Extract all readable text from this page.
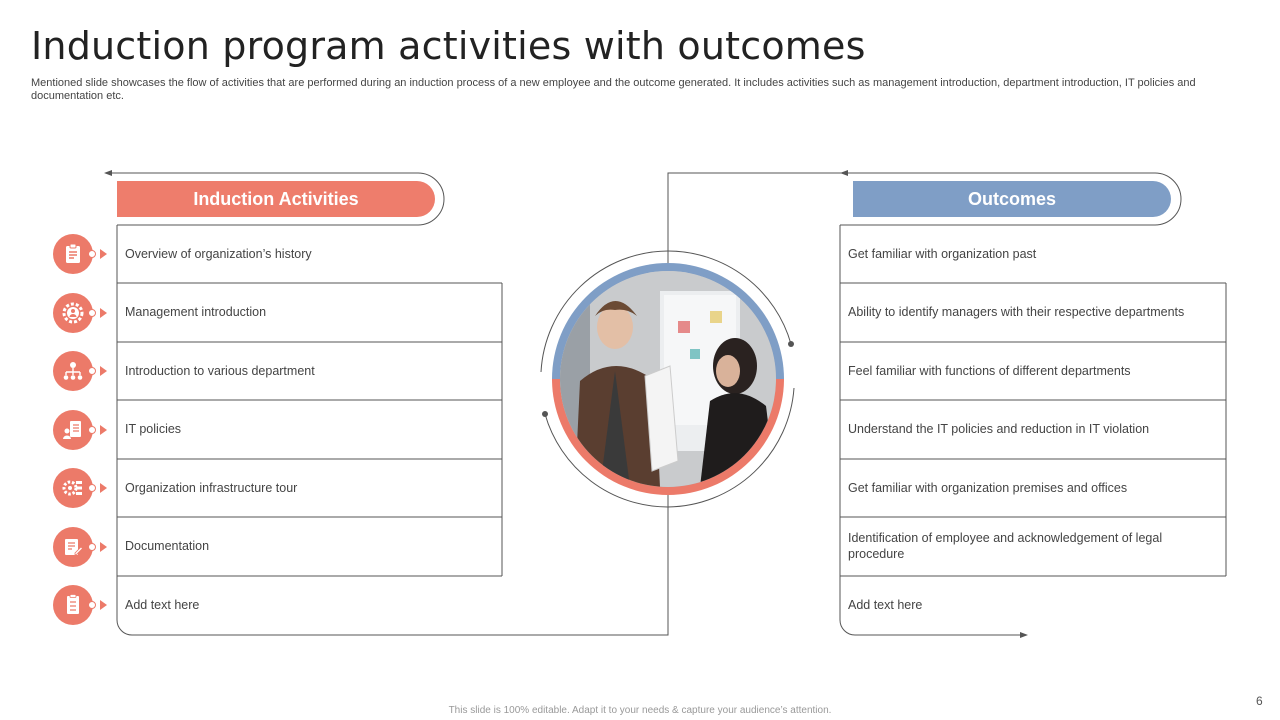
Induction program activities with outcomes

Mentioned slide showcases the flow of activities that are performed during an induction process of a new employee and the outcome generated. It includes activities such as management introduction, department introduction, IT policies and documentation etc.

Induction Activities	Outcomes
Overview of organization’s history
Management introduction
Introduction to various department
IT policies
Organization infrastructure tour
Documentation
Add text here
Get familiar with organization past
Ability to identify managers with their respective departments
Feel familiar with functions of different departments
Understand the IT policies and reduction in IT violation
Get familiar with organization premises and offices
Identification of employee and acknowledgement of legal procedure
Add text here
This slide is 100% editable. Adapt it to your needs & capture your audience’s attention.
6
